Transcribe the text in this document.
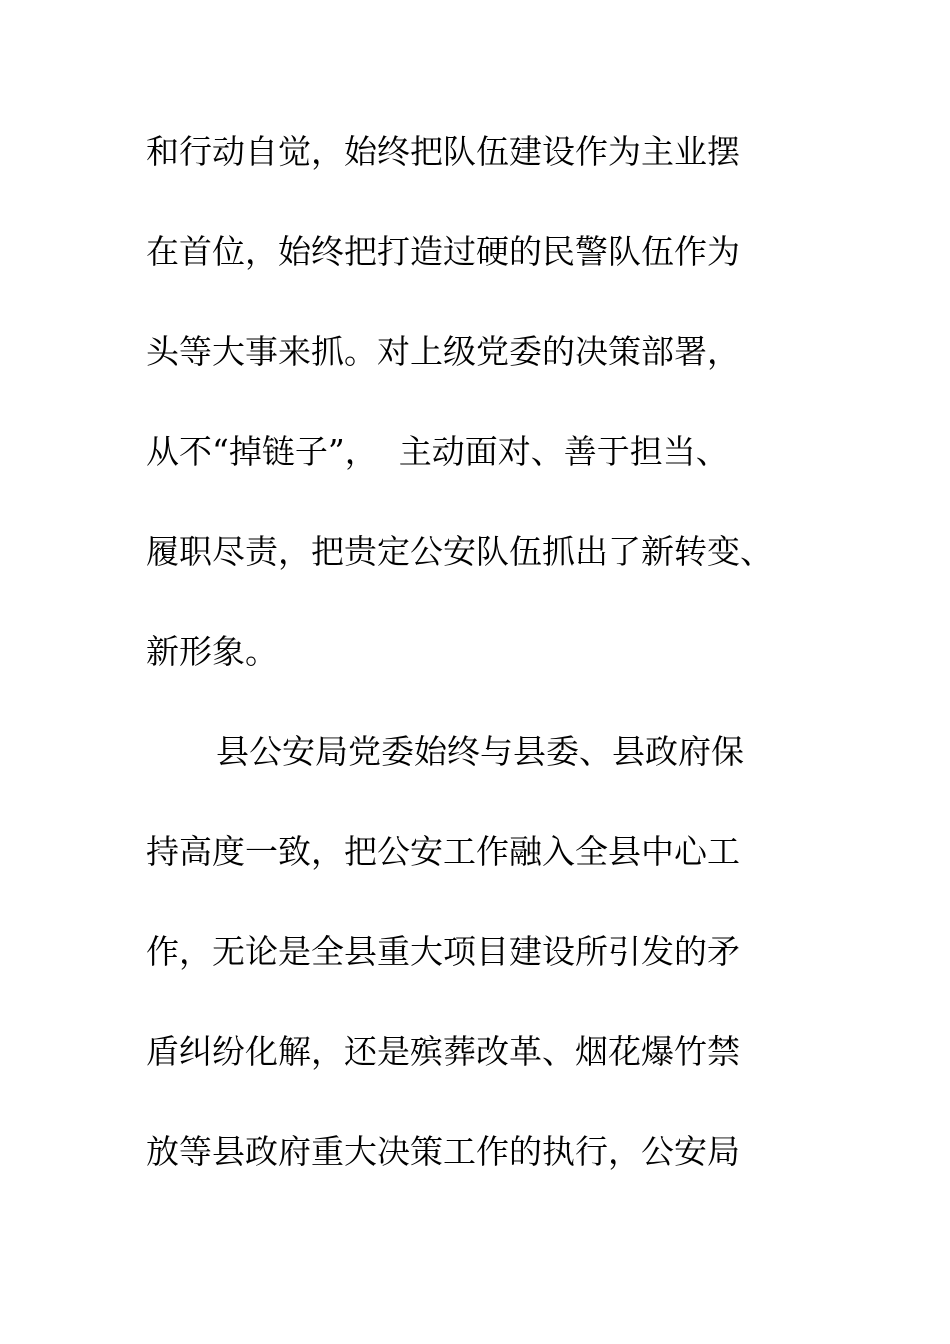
和行动自觉，始终把队伍建设作为主业摆

在首位，始终把打造过硬的民警队伍作为

头等大事来抓。对上级党委的决策部署，

从不“掉链子”，  主动面对、善于担当、

履职尽责，把贵定公安队伍抓出了新转变、

新形象。

县公安局党委始终与县委、县政府保

持高度一致，把公安工作融入全县中心工

作，无论是全县重大项目建设所引发的矛

盾纠纷化解，还是殡葬改革、烟花爆竹禁

放等县政府重大决策工作的执行，公安局
